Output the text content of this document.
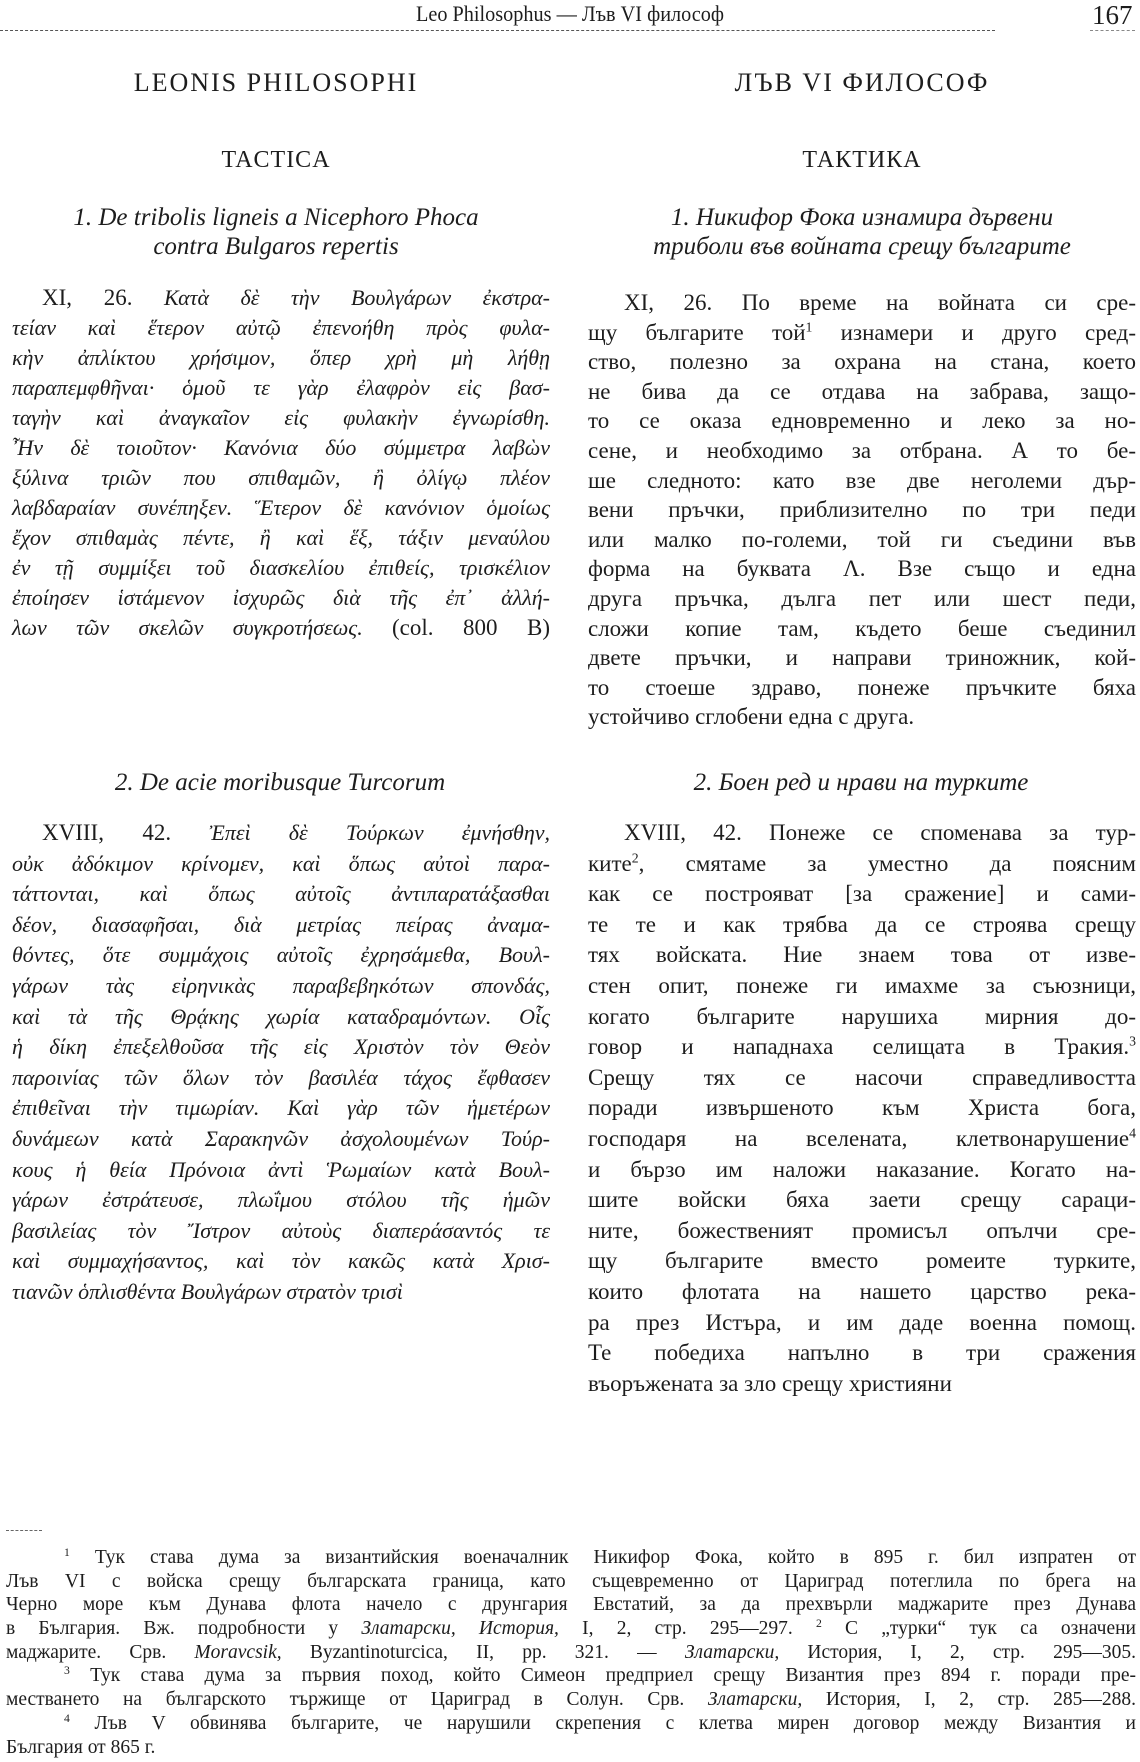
Leo Philosophus — Лъв VI философ	167
LEONIS PHILOSOPHI
TACTICA
1. De tribolis ligneis a Nicephoro Phoca
contra Bulgaros repertis
XI, 26. Κατὰ δὲ τὴν Βουλγάρων ἐκστρα-
τείαν καὶ ἕτερον αὐτῷ ἐπενοήθη πρὸς φυλα-
κὴν ἀπλίκτου χρήσιμον, ὅπερ χρὴ μὴ λήθῃ
παραπεμφθῆναι· ὁμοῦ τε γὰρ ἐλαφρὸν εἰς βασ-
ταγὴν καὶ ἀναγκαῖον εἰς φυλακὴν ἐγνωρίσθη.
Ἦν δὲ τοιοῦτον· Κανόνια δύο σύμμετρα λαβὼν
ξύλινα τριῶν που σπιθαμῶν, ἢ ὀλίγῳ πλέον
λαβδαραίαν συνέπηξεν. Ἕτερον δὲ κανόνιον ὁμοίως
ἔχον σπιθαμὰς πέντε, ἢ καὶ ἕξ, τάξιν μεναύλου
ἐν τῇ συμμίξει τοῦ διασκελίου ἐπιθείς, τρισκέλιον
ἐποίησεν ἱστάμενον ἰσχυρῶς διὰ τῆς ἐπ᾿ ἀλλή-
λων τῶν σκελῶν συγκροτήσεως. (col. 800 B)
2. De acie moribusque Turcorum
XVIII, 42. Ἐπεὶ δὲ Τούρκων ἐμνήσθην,
οὐκ ἀδόκιμον κρίνομεν, καὶ ὅπως αὐτοὶ παρα-
τάττονται, καὶ ὅπως αὐτοῖς ἀντιπαρατάξασθαι
δέον, διασαφῆσαι, διὰ μετρίας πείρας ἀναμα-
θόντες, ὅτε συμμάχοις αὐτοῖς ἐχρησάμεθα, Βουλ-
γάρων τὰς εἰρηνικὰς παραβεβηκότων σπονδάς,
καὶ τὰ τῆς Θρᾴκης χωρία καταδραμόντων. Οἷς
ἡ δίκη ἐπεξελθοῦσα τῆς εἰς Χριστὸν τὸν Θεὸν
παροινίας τῶν ὅλων τὸν βασιλέα τάχος ἔφθασεν
ἐπιθεῖναι τὴν τιμωρίαν. Καὶ γὰρ τῶν ἡμετέρων
δυνάμεων κατὰ Σαρακηνῶν ἀσχολουμένων Τούρ-
κους ἡ θεία Πρόνοια ἀντὶ Ῥωμαίων κατὰ Βουλ-
γάρων ἐστράτευσε, πλωΐμου στόλου τῆς ἡμῶν
βασιλείας τὸν Ἴστρον αὐτοὺς διαπεράσαντός τε
καὶ συμμαχήσαντος, καὶ τὸν κακῶς κατὰ Χρισ-
τιανῶν ὁπλισθέντα Βουλγάρων στρατὸν τρισὶ
ЛЪВ VI ФИЛОСОФ
ТАКТИКА
1. Никифор Фока изнамира дървени
триболи във войната срещу българите
XI, 26. По време на войната си сре-
щу българите той$^1$ изнамери и друго сред-
ство, полезно за охрана на стана, което
не бива да се отдава на забрава, защо-
то се оказа едновременно и леко за но-
сене, и необходимо за отбрана. А то бе-
ше следното: като взе две неголеми дър-
вени пръчки, приблизително по три педи
или малко по-големи, той ги съедини във
форма на буквата Λ. Взе също и една
друга пръчка, дълга пет или шест педи,
сложи копие там, където беше съединил
двете пръчки, и направи триножник, кой-
то стоеше здраво, понеже пръчките бяха
устойчиво сглобени една с друга.
2. Боен ред и нрави на турките
XVIII, 42. Понеже се споменава за тур-
ките$^2$, смятаме за уместно да поясним
как се построяват [за сражение] и сами-
те те и как трябва да се строява срещу
тях войската. Ние знаем това от изве-
стен опит, понеже ги имахме за съюзници,
когато българите нарушиха мирния до-
говор и нападнаха селищата в Тракия.$^3$
Срещу тях се насочи справедливостта
поради извършеното към Христа бога,
господаря на вселената, клетвонарушение$^4$
и бързо им наложи наказание. Когато на-
шите войски бяха заети срещу сараци-
ните, божественият промисъл опълчи сре-
щу българите вместо ромеите турките,
които флотата на нашето царство река-
ра през Истъра, и им даде военна помощ.
Те победиха напълно в три сражения
въоръжената за зло срещу християни
$^1$ Тук става дума за византийския военачалник Никифор Фока, който в 895 г. бил изпратен от
Лъв VI с войска срещу българската граница, като същевременно от Цариград потеглила по брега на
Черно море към Дунава флота начело с друнгария Евстатий, за да прехвърли маджарите през Дунава
в България. Вж. подробности у Златарски, История, I, 2, стр. 295—297. $^2$ С „турки“ тук са означени
маджарите. Срв. Moravcsik, Byzantinoturcica, II, pp. 321. — Златарски, История, I, 2, стр. 295—305.
$^3$ Тук става дума за първия поход, който Симеон предприел срещу Византия през 894 г. поради пре-
местването на българското тържище от Цариград в Солун. Срв. Златарски, История, I, 2, стр. 285—288.
$^4$ Лъв V обвинява българите, че нарушили скрепения с клетва мирен договор между Византия и
България от 865 г.
